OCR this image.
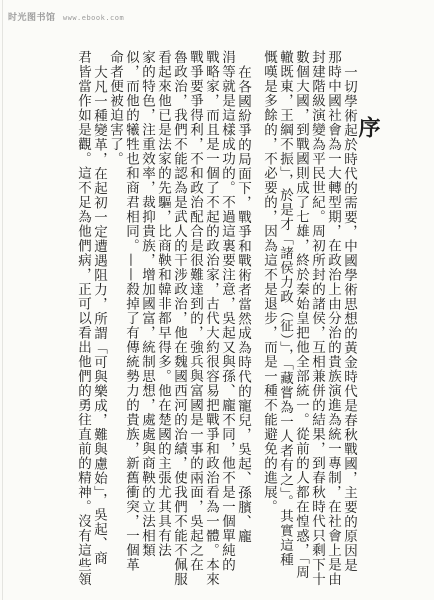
时光图书馆 www.ebook.com
序
一切學術起於時代的需要，中國學術思想的黃金時代是春秋戰國，主要的原因是
那時中國社會為一大轉型期，在政治上由分治的貴族演進為統一專制，在社會上是由
封建階級演變為平民世紀。周初所封的諸侯，互相兼併的結果，到春秋時代只剩下十
數個大國，到戰國則成了七雄，終於秦始皇把他全部統一。從前的人都在惶惑，「周
轍既東，王綱不振」，於是才「諸侯力政（征）」，「藏嘗為一人者有之」。其實這種
慨嘆是多餘的，不必要的，因為這不是退步，而是一種不能避免的進展。
在各國紛爭的局面下，戰爭和戰術者當然成為時代的寵兒，吳起、孫臏、龐
涓等就是這樣成功的。不過這裏要注意，吳起又與孫、龐不同，他不是一個單純的
戰略家，而且是一個了不起的政治家，古代大約很容易把戰爭和政治看為一體。本來
戰爭要爭得利，不和政治配合是很難達到的，強兵與富國是一事的兩面，吳起之在
魯政治，我們不能認為是武人的干涉政治，他在魏國西河的治績，使我們不能不佩服
看起來他已是法家的先驅，比商鞅和韓非都早得多。他在楚國的主張尤其具有法
家的特色，注重效率，裁抑貴族，增加國富，統制思想，處處與商鞅的立法相類
似，而他的犧牲也和商君相同。——殺掉了有傳統勢力的貴族，新舊衝突，一個革
命者便被迫害了。
大凡一種變革，在起初一定遭遇阻力，所謂「可與樂成，難與慮始」，吳起、商
君皆當作如是觀。這不足為他們病，正可以看出他們的勇往直前的精神。沒有這些領
